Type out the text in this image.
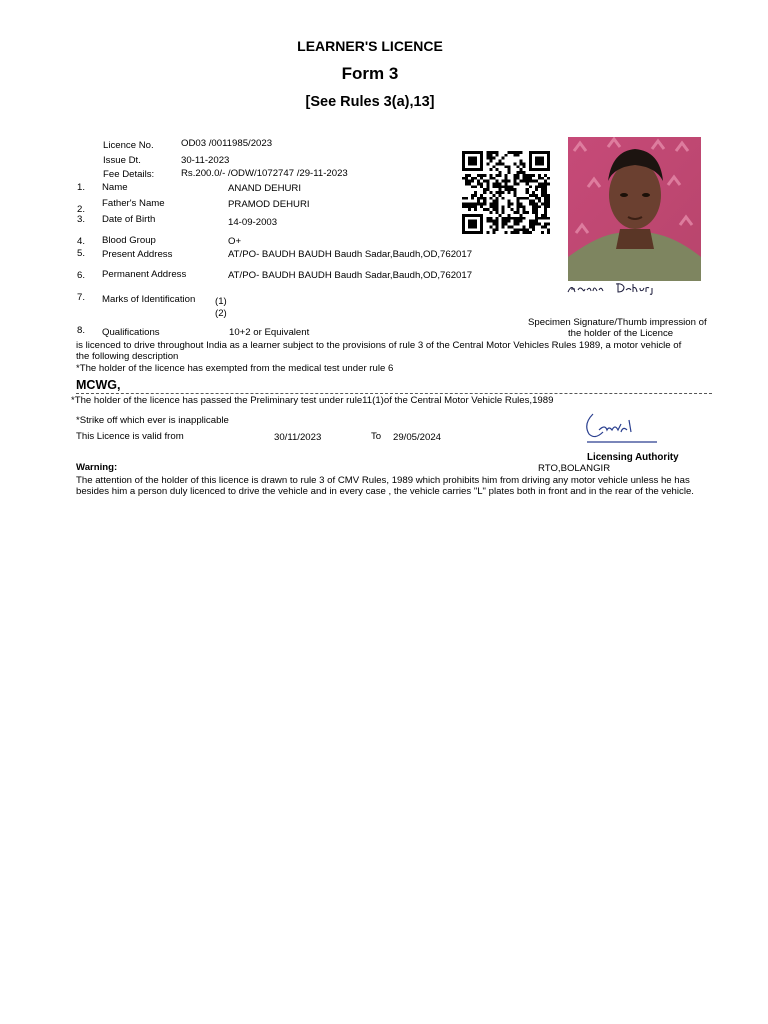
LEARNER'S LICENCE
Form 3
[See Rules 3(a),13]
Licence No.	OD03 /0011985/2023
Issue Dt.	30-11-2023
Fee Details:	Rs.200.0/- /ODW/1072747 /29-11-2023
1. Name	ANAND DEHURI
2.
Father's Name	PRAMOD DEHURI
3. Date of Birth	14-09-2003
4. Blood Group	O+
5. Present Address	AT/PO- BAUDH BAUDH Baudh Sadar,Baudh,OD,762017
6. Permanent Address	AT/PO- BAUDH BAUDH Baudh Sadar,Baudh,OD,762017
7. Marks of Identification (1)
(2)
8. Qualifications	10+2 or Equivalent
Specimen Signature/Thumb impression of
the holder of the Licence
is licenced to drive throughout India as a learner subject to the provisions of rule 3 of the Central Motor Vehicles Rules 1989, a motor vehicle of the following description
*The holder of the licence has exempted from the medical test under rule 6
MCWG,
*The holder of the licence has passed the Preliminary test under rule11(1)of the Central Motor Vehicle Rules,1989
*Strike off which ever is inapplicable
This Licence is valid from	30/11/2023	To 29/05/2024
Licensing Authority
RTO,BOLANGIR
Warning:
The attention of the holder of this licence is drawn to rule 3 of CMV Rules, 1989 which prohibits him from driving any motor vehicle unless he has besides him a person duly licenced to drive the vehicle and in every case , the vehicle carries "L" plates both in front and in the rear of the vehicle.
